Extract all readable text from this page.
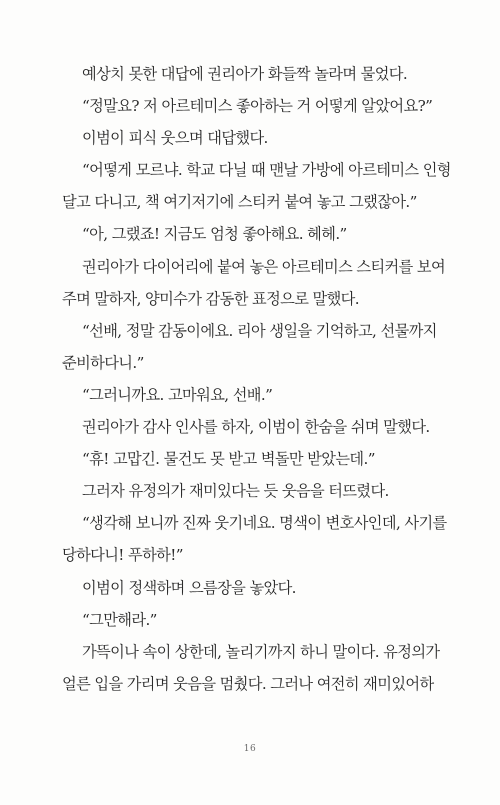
예상치 못한 대답에 권리아가 화들짝 놀라며 물었다.
“정말요? 저 아르테미스 좋아하는 거 어떻게 알았어요?”
이범이 피식 웃으며 대답했다.
“어떻게 모르냐. 학교 다닐 때 맨날 가방에 아르테미스 인형
달고 다니고, 책 여기저기에 스티커 붙여 놓고 그랬잖아.”
“아, 그랬죠! 지금도 엄청 좋아해요. 헤헤.”
권리아가 다이어리에 붙여 놓은 아르테미스 스티커를 보여
주며 말하자, 양미수가 감동한 표정으로 말했다.
“선배, 정말 감동이에요. 리아 생일을 기억하고, 선물까지
준비하다니.”
“그러니까요. 고마워요, 선배.”
권리아가 감사 인사를 하자, 이범이 한숨을 쉬며 말했다.
“휴! 고맙긴. 물건도 못 받고 벽돌만 받았는데.”
그러자 유정의가 재미있다는 듯 웃음을 터뜨렸다.
“생각해 보니까 진짜 웃기네요. 명색이 변호사인데, 사기를
당하다니! 푸하하!”
이범이 정색하며 으름장을 놓았다.
“그만해라.”
가뜩이나 속이 상한데, 놀리기까지 하니 말이다. 유정의가
얼른 입을 가리며 웃음을 멈췄다. 그러나 여전히 재미있어하
16
